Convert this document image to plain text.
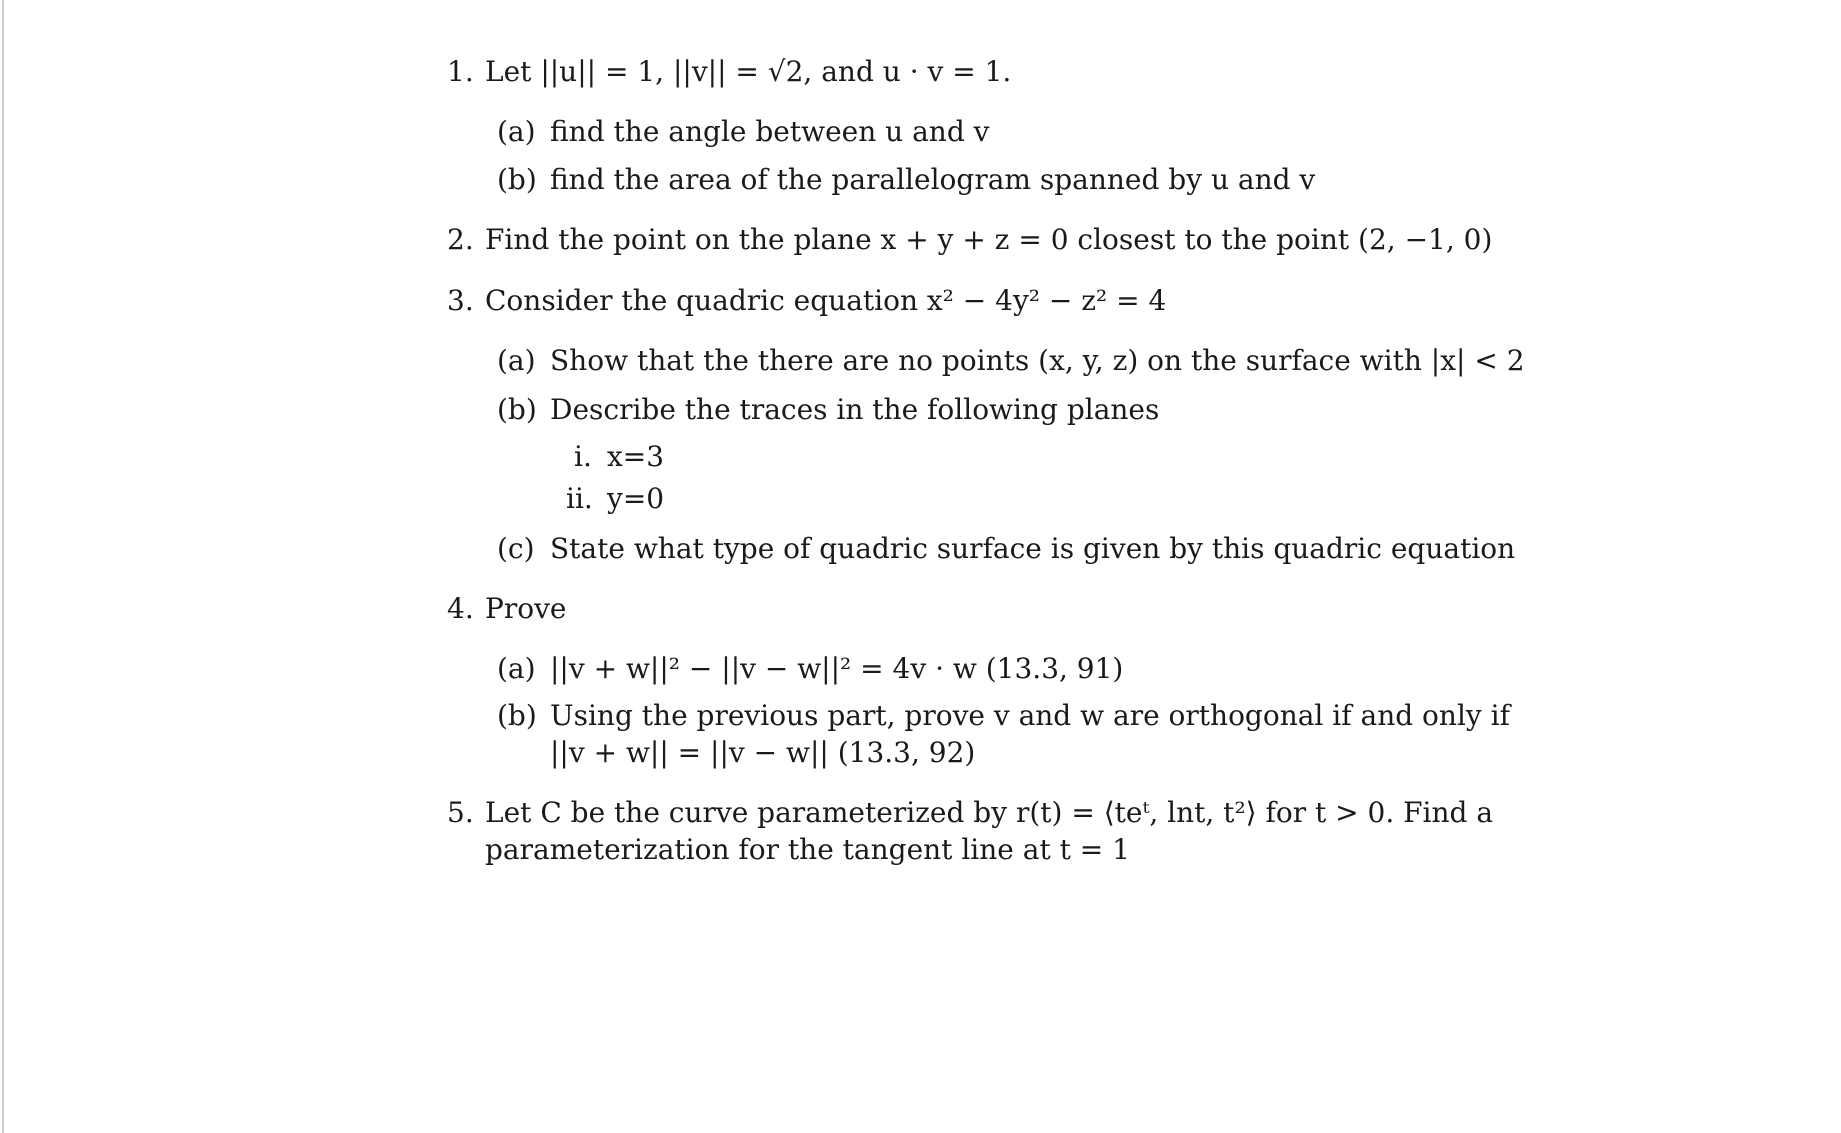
1. Let ||u|| = 1, ||v|| = √2, and u · v = 1.
(a) find the angle between u and v
(b) find the area of the parallelogram spanned by u and v
2. Find the point on the plane x + y + z = 0 closest to the point (2, −1, 0)
3. Consider the quadric equation x² − 4y² − z² = 4
(a) Show that the there are no points (x, y, z) on the surface with |x| < 2
(b) Describe the traces in the following planes
i. x=3
ii. y=0
(c) State what type of quadric surface is given by this quadric equation
4. Prove
(a) ||v + w||² − ||v − w||² = 4v · w (13.3, 91)
(b) Using the previous part, prove v and w are orthogonal if and only if
||v + w|| = ||v − w|| (13.3, 92)
5. Let C be the curve parameterized by r(t) = ⟨teᵗ, lnt, t²⟩ for t > 0. Find a
parameterization for the tangent line at t = 1
